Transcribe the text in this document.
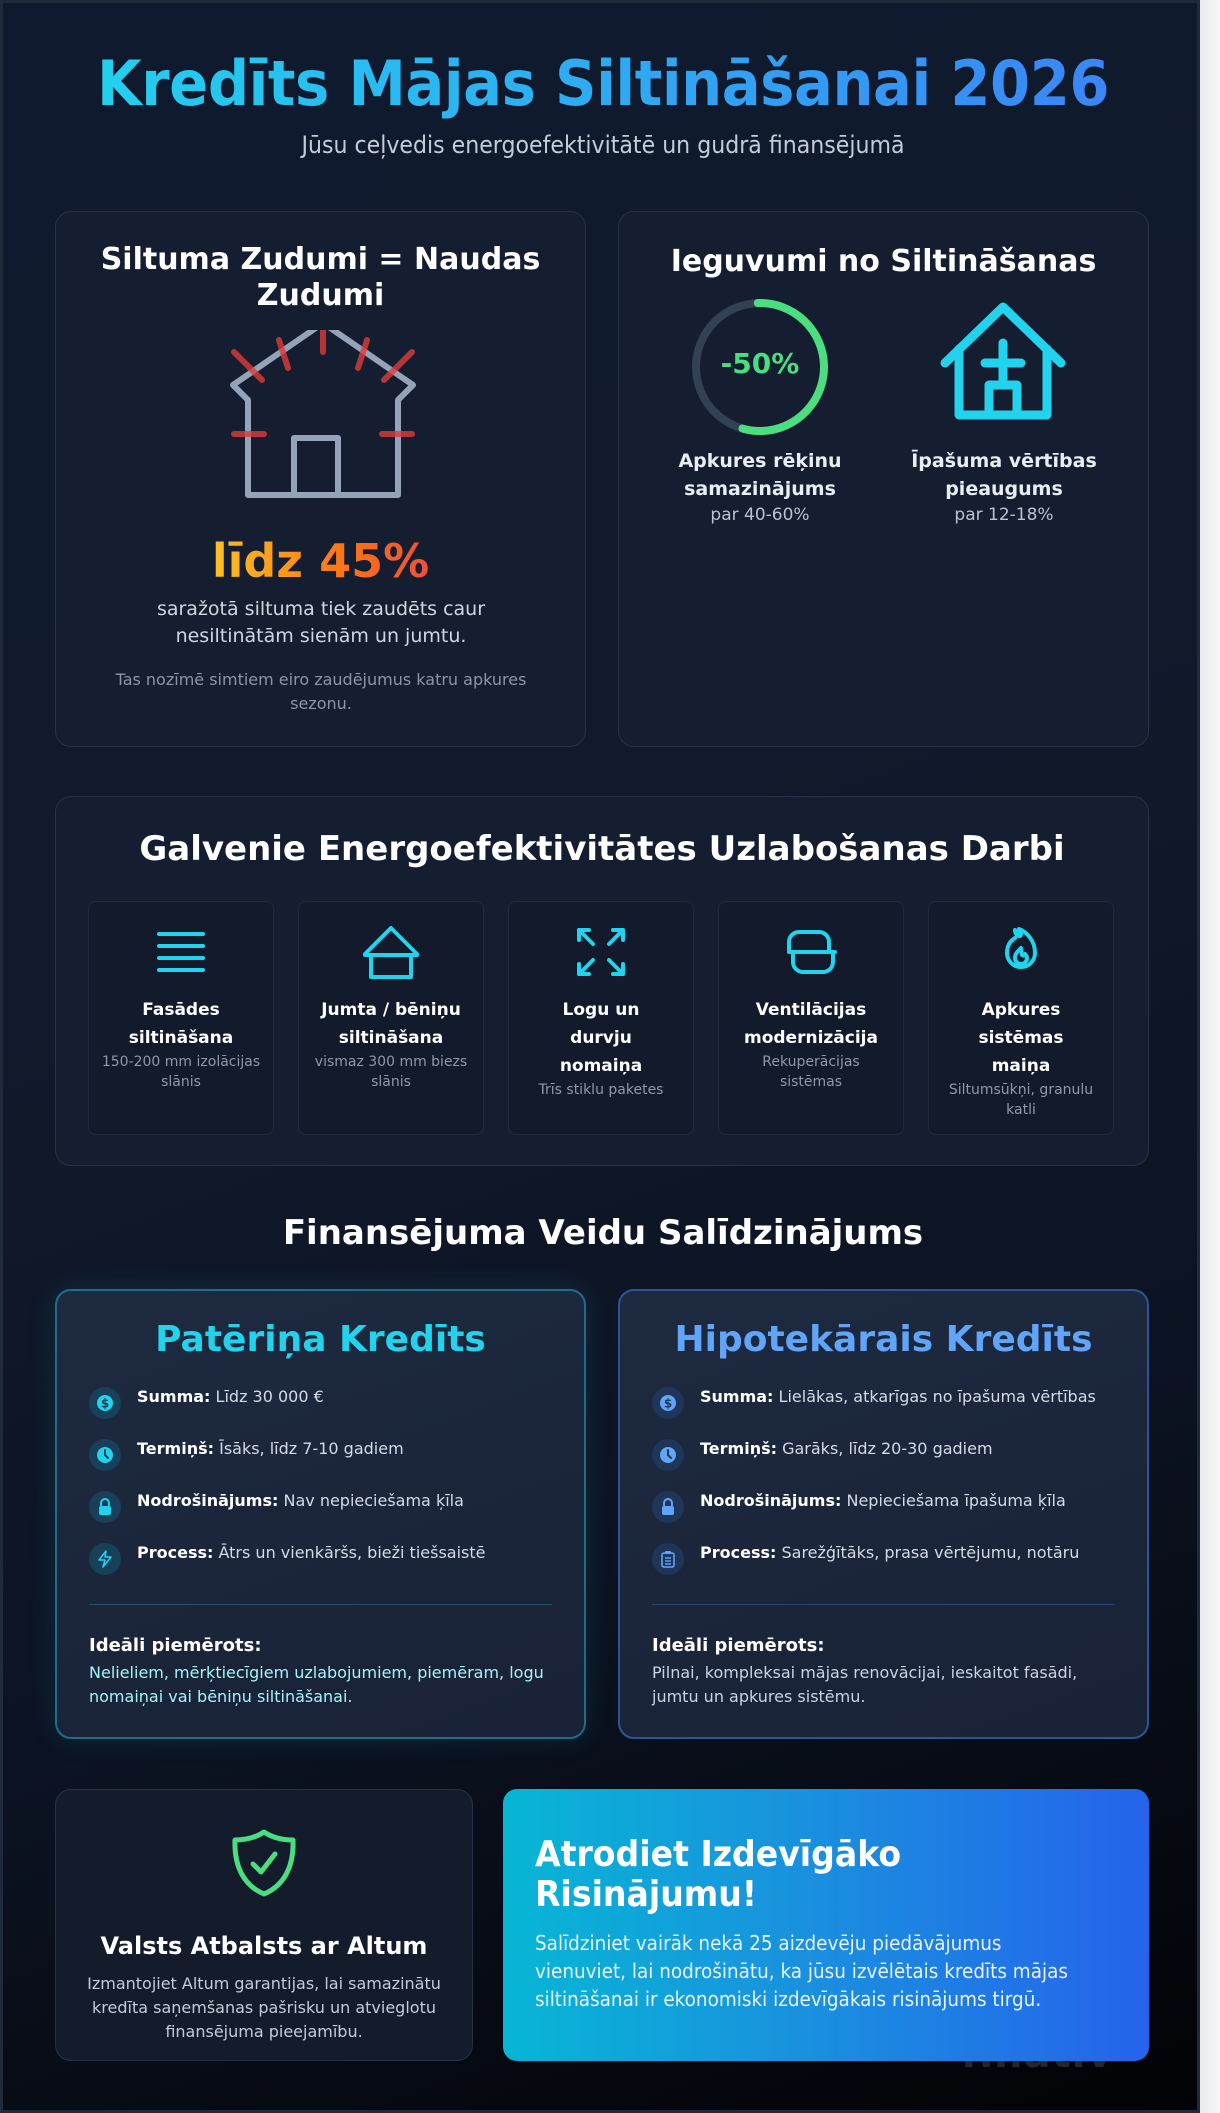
Kredīts Mājas Siltināšanai 2026
Jūsu ceļvedis energoefektivitātē un gudrā finansējumā
Siltuma Zudumi = Naudas Zudumi
līdz 45%

saražotā siltuma tiek zaudēts caur nesiltinātām sienām un jumtu.

Tas nozīmē simtiem eiro zaudējumus katru apkures sezonu.

Ieguvumi no Siltināšanas
-50%
Apkures rēķinu samazinājums
par 40-60%
Īpašuma vērtības pieaugums
par 12-18%
Galvenie Energoefektivitātes Uzlabošanas Darbi
Fasādes siltināšana
150-200 mm izolācijas slānis
Jumta / bēniņu siltināšana
vismaz 300 mm biezs slānis
Logu un durvju nomaiņa
Trīs stiklu paketes
Ventilācijas modernizācija
Rekuperācijas sistēmas
Apkures sistēmas maiņa
Siltumsūkņi, granulu katli
Finansējuma Veidu Salīdzinājums
Patēriņa Kredīts
$ Summa: Līdz 30 000 €
Termiņš: Īsāks, līdz 7-10 gadiem
Nodrošinājums: Nav nepieciešama ķīla
Process: Ātrs un vienkāršs, bieži tiešsaistē
Ideāli piemērots:

Nelieliem, mērķtiecīgiem uzlabojumiem, piemēram, logu nomaiņai vai bēniņu siltināšanai.

Hipotekārais Kredīts
$ Summa: Lielākas, atkarīgas no īpašuma vērtības
Termiņš: Garāks, līdz 20-30 gadiem
Nodrošinājums: Nepieciešama īpašuma ķīla
Process: Sarežģītāks, prasa vērtējumu, notāru
Ideāli piemērots:

Pilnai, kompleksai mājas renovācijai, ieskaitot fasādi, jumtu un apkures sistēmu.

Valsts Atbalsts ar Altum

Izmantojiet Altum garantijas, lai samazinātu kredīta saņemšanas pašrisku un atvieglotu finansējuma pieejamību.

Atrodiet Izdevīgāko Risinājumu!

Salīdziniet vairāk nekā 25 aizdevēju piedāvājumus vienuviet, lai nodrošinātu, ka jūsu izvēlētais kredīts mājas siltināšanai ir ekonomiski izdevīgākais risinājums tirgū.
